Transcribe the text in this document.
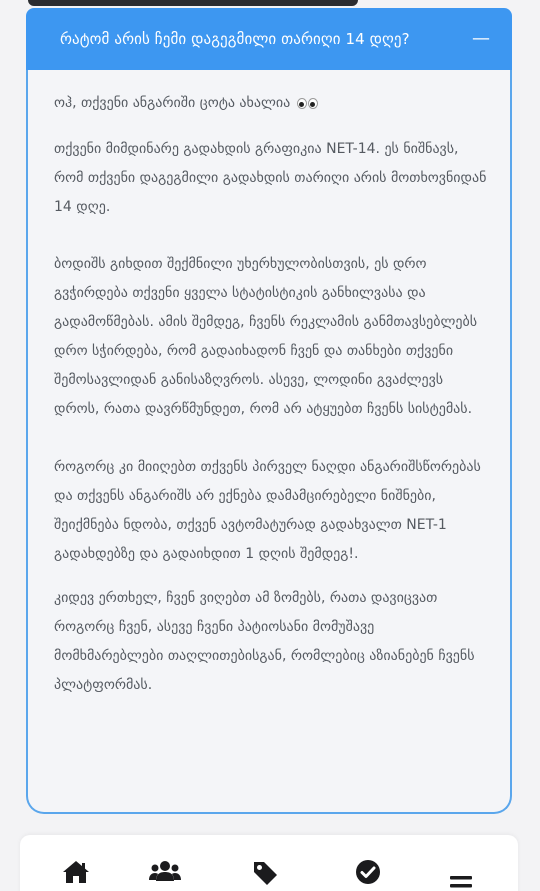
რატომ არის ჩემი დაგეგმილი თარიღი 14 დღე?	—

ოჰ, თქვენი ანგარიში ცოტა ახალია

თქვენი მიმდინარე გადახდის გრაფიკია NET-14. ეს ნიშნავს, რომ თქვენი დაგეგმილი გადახდის თარიღი არის მოთხოვნიდან 14 დღე.

ბოდიშს გიხდით შექმნილი უხერხულობისთვის, ეს დრო გვჭირდება თქვენი ყველა სტატისტიკის განხილვასა და გადამოწმებას. ამის შემდეგ, ჩვენს რეკლამის განმთავსებლებს დრო სჭირდება, რომ გადაიხადონ ჩვენ და თანხები თქვენი შემოსავლიდან განისაზღვროს. ასევე, ლოდინი გვაძლევს დროს, რათა დავრწმუნდეთ, რომ არ ატყუებთ ჩვენს სისტემას.

როგორც კი მიიღებთ თქვენს პირველ ნაღდი ანგარიშსწორებას და თქვენს ანგარიშს არ ექნება დამამცირებელი ნიშნები, შეიქმნება ნდობა, თქვენ ავტომატურად გადახვალთ NET-1 გადახდებზე და გადაიხდით 1 დღის შემდეგ!.

კიდევ ერთხელ, ჩვენ ვიღებთ ამ ზომებს, რათა დავიცვათ როგორც ჩვენ, ასევე ჩვენი პატიოსანი მომუშავე მომხმარებლები თაღლითებისგან, რომლებიც აზიანებენ ჩვენს პლატფორმას.
